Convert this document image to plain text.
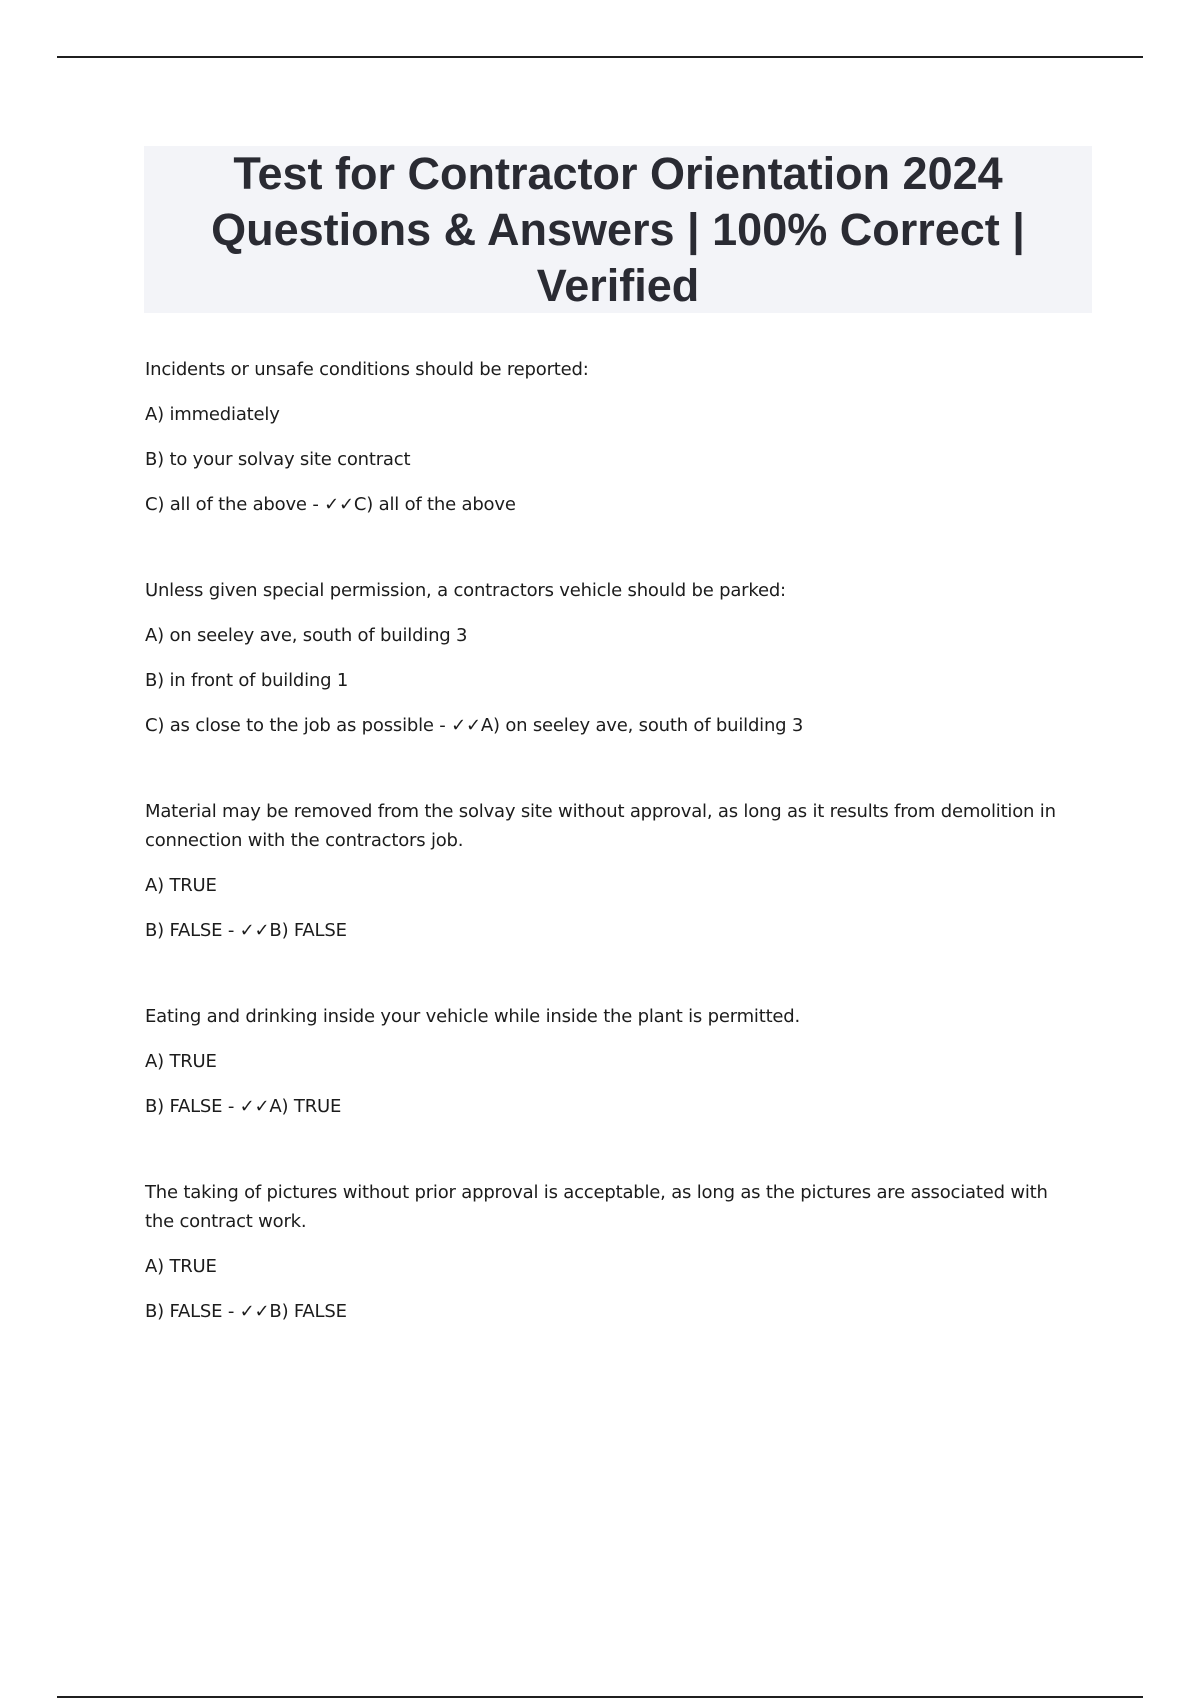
Test for Contractor Orientation 2024 Questions & Answers | 100% Correct | Verified

Incidents or unsafe conditions should be reported:

A) immediately

B) to your solvay site contract

C) all of the above - ✓✓C) all of the above

Unless given special permission, a contractors vehicle should be parked:

A) on seeley ave, south of building 3

B) in front of building 1

C) as close to the job as possible - ✓✓A) on seeley ave, south of building 3

Material may be removed from the solvay site without approval, as long as it results from demolition in connection with the contractors job.

A) TRUE

B) FALSE - ✓✓B) FALSE

Eating and drinking inside your vehicle while inside the plant is permitted.

A) TRUE

B) FALSE - ✓✓A) TRUE

The taking of pictures without prior approval is acceptable, as long as the pictures are associated with the contract work.

A) TRUE

B) FALSE - ✓✓B) FALSE
